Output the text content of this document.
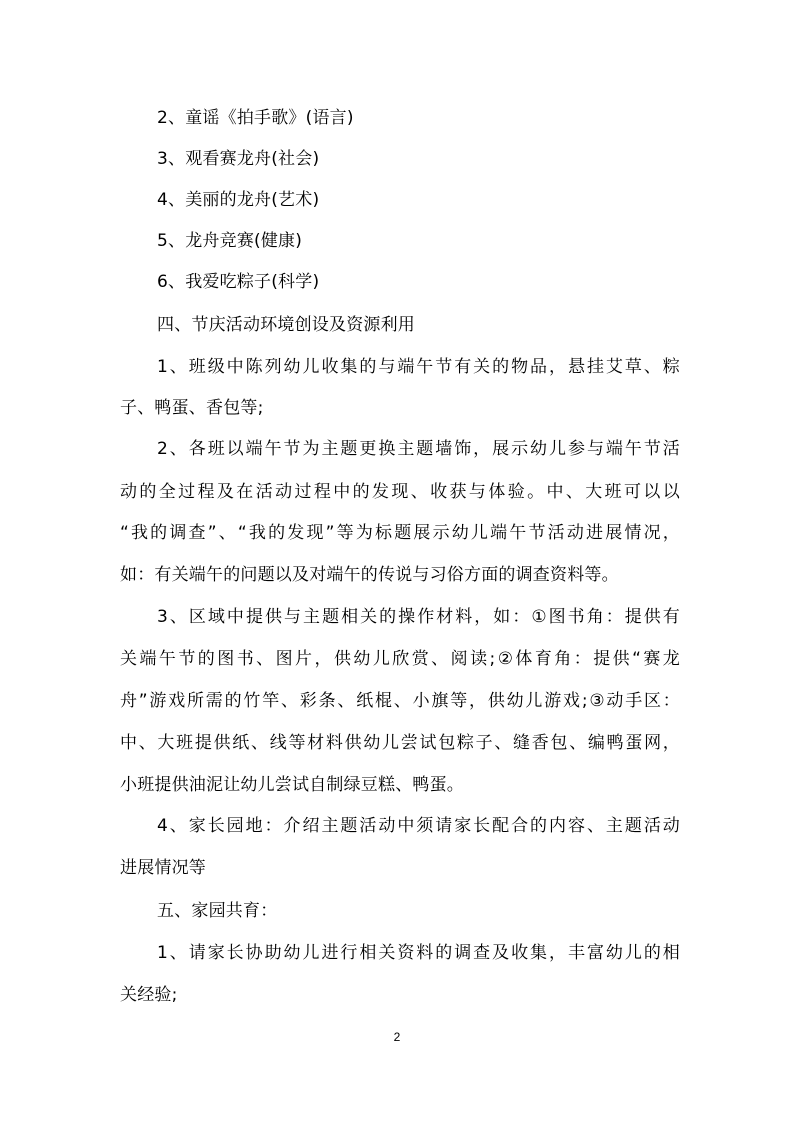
2、童谣《拍手歌》(语言)
3、观看赛龙舟(社会)
4、美丽的龙舟(艺术)
5、龙舟竞赛(健康)
6、我爱吃粽子(科学)
四、节庆活动环境创设及资源利用
1、班级中陈列幼儿收集的与端午节有关的物品，悬挂艾草、粽
子、鸭蛋、香包等;
2、各班以端午节为主题更换主题墙饰，展示幼儿参与端午节活
动的全过程及在活动过程中的发现、收获与体验。中、大班可以以
“我的调查”、“我的发现”等为标题展示幼儿端午节活动进展情况，
如：有关端午的问题以及对端午的传说与习俗方面的调查资料等。
3、区域中提供与主题相关的操作材料，如：①图书角：提供有
关端午节的图书、图片，供幼儿欣赏、阅读;②体育角：提供“赛龙
舟”游戏所需的竹竿、彩条、纸棍、小旗等，供幼儿游戏;③动手区：
中、大班提供纸、线等材料供幼儿尝试包粽子、缝香包、编鸭蛋网，
小班提供油泥让幼儿尝试自制绿豆糕、鸭蛋。
4、家长园地：介绍主题活动中须请家长配合的内容、主题活动
进展情况等
五、家园共育：
1、请家长协助幼儿进行相关资料的调查及收集，丰富幼儿的相
关经验;
2
